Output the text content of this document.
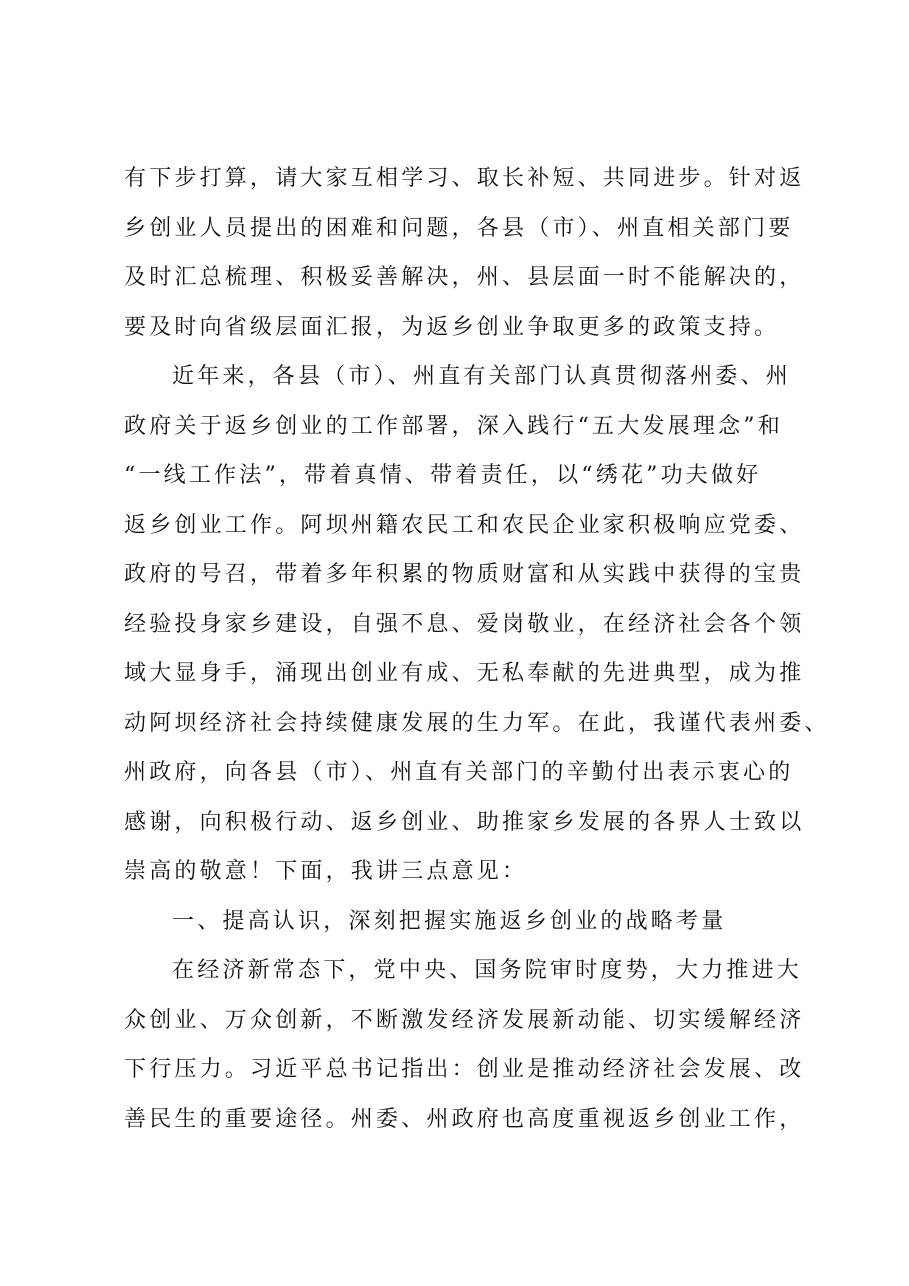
有下步打算，请大家互相学习、取长补短、共同进步。针对返
乡创业人员提出的困难和问题，各县（市）、州直相关部门要
及时汇总梳理、积极妥善解决，州、县层面一时不能解决的，
要及时向省级层面汇报，为返乡创业争取更多的政策支持。
近年来，各县（市）、州直有关部门认真贯彻落州委、州
政府关于返乡创业的工作部署，深入践行“五大发展理念”和
“一线工作法”，带着真情、带着责任，以“绣花”功夫做好
返乡创业工作。阿坝州籍农民工和农民企业家积极响应党委、
政府的号召，带着多年积累的物质财富和从实践中获得的宝贵
经验投身家乡建设，自强不息、爱岗敬业，在经济社会各个领
域大显身手，涌现出创业有成、无私奉献的先进典型，成为推
动阿坝经济社会持续健康发展的生力军。在此，我谨代表州委、
州政府，向各县（市）、州直有关部门的辛勤付出表示衷心的
感谢，向积极行动、返乡创业、助推家乡发展的各界人士致以
崇高的敬意！下面，我讲三点意见：
一、提高认识，深刻把握实施返乡创业的战略考量
在经济新常态下，党中央、国务院审时度势，大力推进大
众创业、万众创新，不断激发经济发展新动能、切实缓解经济
下行压力。习近平总书记指出：创业是推动经济社会发展、改
善民生的重要途径。州委、州政府也高度重视返乡创业工作，
